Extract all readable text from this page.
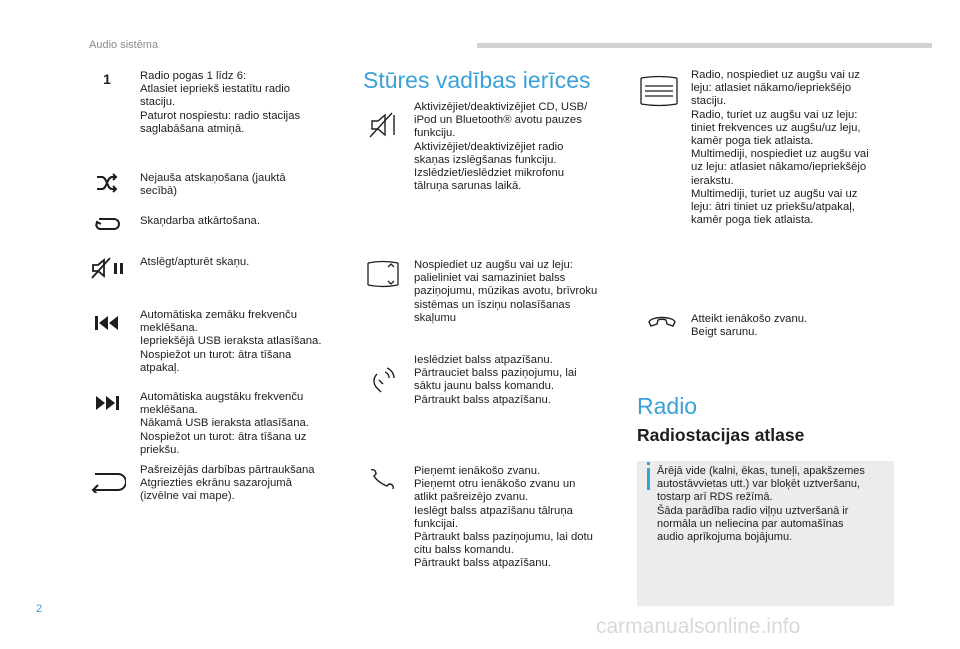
Audio sistēma
1	Radio pogas 1 līdz 6:
Atlasiet iepriekš iestatītu radio
staciju.
Paturot nospiestu: radio stacijas
saglabāšana atmiņā.
Nejauša atskaņošana (jauktā
secībā)
Skaņdarba atkārtošana.
Atslēgt/apturēt skaņu.
Automātiska zemāku frekvenču
meklēšana.
Iepriekšējā USB ieraksta atlasīšana.
Nospiežot un turot: ātra tīšana
atpakaļ.
Automātiska augstāku frekvenču
meklēšana.
Nākamā USB ieraksta atlasīšana.
Nospiežot un turot: ātra tīšana uz
priekšu.
Pašreizējās darbības pārtraukšana
Atgriezties ekrānu sazarojumā
(izvēlne vai mape).
Stūres vadības ierīces
Aktivizējiet/deaktivizējiet CD, USB/
iPod un Bluetooth® avotu pauzes
funkciju.
Aktivizējiet/deaktivizējiet radio
skaņas izslēgšanas funkciju.
Izslēdziet/ieslēdziet mikrofonu
tālruņa sarunas laikā.
Nospiediet uz augšu vai uz leju:
palieliniet vai samaziniet balss
paziņojumu, mūzikas avotu, brīvroku
sistēmas un īsziņu nolasīšanas
skaļumu
Ieslēdziet balss atpazīšanu.
Pārtrauciet balss paziņojumu, lai
sāktu jaunu balss komandu.
Pārtraukt balss atpazīšanu.
Pieņemt ienākošo zvanu.
Pieņemt otru ienākošo zvanu un
atlikt pašreizējo zvanu.
Ieslēgt balss atpazīšanu tālruņa
funkcijai.
Pārtraukt balss paziņojumu, lai dotu
citu balss komandu.
Pārtraukt balss atpazīšanu.
Radio, nospiediet uz augšu vai uz
leju: atlasiet nākamo/iepriekšējo
staciju.
Radio, turiet uz augšu vai uz leju:
tiniet frekvences uz augšu/uz leju,
kamēr poga tiek atlaista.
Multimediji, nospiediet uz augšu vai
uz leju: atlasiet nākamo/iepriekšējo
ierakstu.
Multimediji, turiet uz augšu vai uz
leju: ātri tiniet uz priekšu/atpakaļ,
kamēr poga tiek atlaista.
Atteikt ienākošo zvanu.
Beigt sarunu.
Radio
Radiostacijas atlase
Ārējā vide (kalni, ēkas, tuneļi, apakšzemes
autostāvvietas utt.) var bloķēt uztveršanu,
tostarp arī RDS režīmā.
Šāda parādība radio viļņu uztveršanā ir
normāla un neliecina par automašīnas
audio aprīkojuma bojājumu.
2
carmanualsonline.info
